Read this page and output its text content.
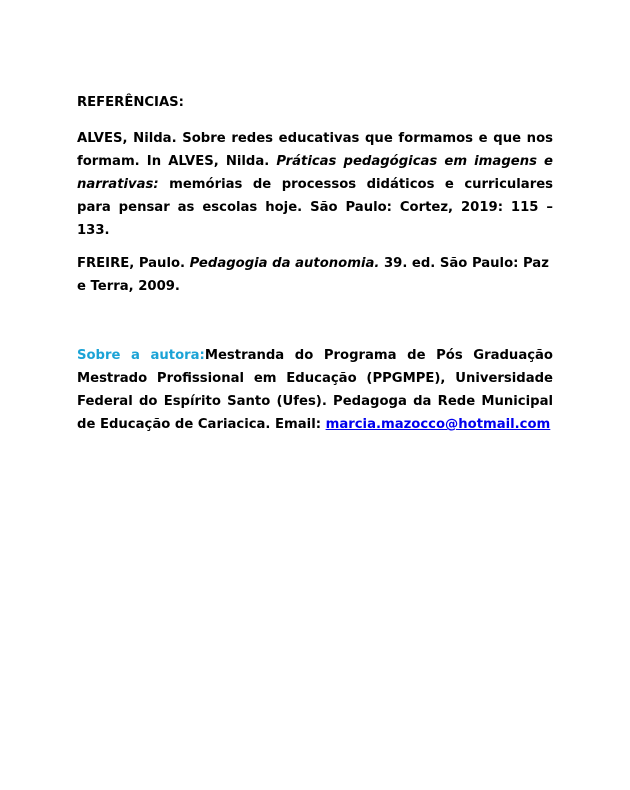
REFERÊNCIAS:

ALVES, Nilda. Sobre redes educativas que formamos e que nos formam. In ALVES, Nilda. Práticas pedagógicas em imagens e narrativas: memórias de processos didáticos e curriculares para pensar as escolas hoje. São Paulo: Cortez, 2019: 115 – 133.

FREIRE, Paulo. Pedagogia da autonomia. 39. ed. São Paulo: Paz e Terra, 2009.

Sobre a autora:Mestranda do Programa de Pós Graduação Mestrado Profissional em Educação (PPGMPE), Universidade Federal do Espírito Santo (Ufes). Pedagoga da Rede Municipal de Educação de Cariacica. Email: marcia.mazocco@hotmail.com
